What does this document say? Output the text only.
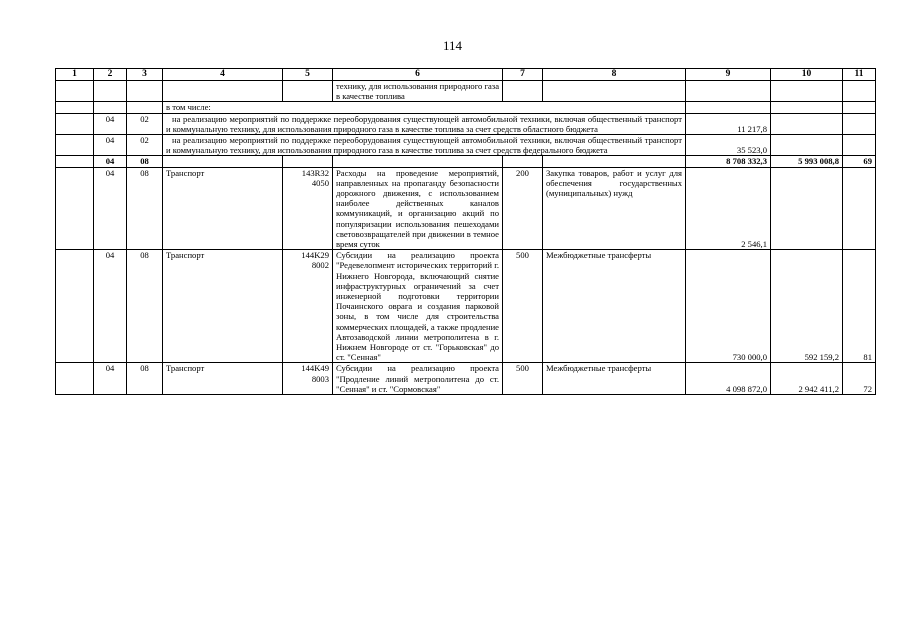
114
1	2	3	4	5	6	7	8	9	10	11
					технику, для использования природного газа в качестве топлива					
			в том числе:							
	04	02	на реализацию мероприятий по поддержке переоборудования существующей автомобильной техники, включая общественный транспорт и коммунальную технику, для использования природного газа в качестве топлива за счет средств областного бюджета					11 217,8		
	04	02	на реализацию мероприятий по поддержке переоборудования существующей автомобильной техники, включая общественный транспорт и коммунальную технику, для использования природного газа в качестве топлива за счет средств федерального бюджета					35 523,0		
	04	08						8 708 332,3	5 993 008,8	69
	04	08	Транспорт	143R32 4050	Расходы на проведение мероприятий, направленных на пропаганду безопасности дорожного движения, с использованием наиболее действенных каналов коммуникаций, и организацию акций по популяризации использования пешеходами световозвращателей при движении в темное время суток	200	Закупка товаров, работ и услуг для обеспечения государственных (муниципальных) нужд	2 546,1		
	04	08	Транспорт	144K29 8002	Субсидии на реализацию проекта "Редевелопмент исторических территорий г. Нижнего Новгорода, включающий снятие инфраструктурных ограничений за счет инженерной подготовки территории Почаинского оврага и создания парковой зоны, в том числе для строительства коммерческих площадей, а также продление Автозаводской линии метрополитена в г. Нижнем Новгороде от ст. "Горьковская" до ст. "Сенная"	500	Межбюджетные трансферты	730 000,0	592 159,2	81
	04	08	Транспорт	144K49 8003	Субсидии на реализацию проекта "Продление линий метрополитена до ст. "Сенная" и ст. "Сормовская"	500	Межбюджетные трансферты	4 098 872,0	2 942 411,2	72
